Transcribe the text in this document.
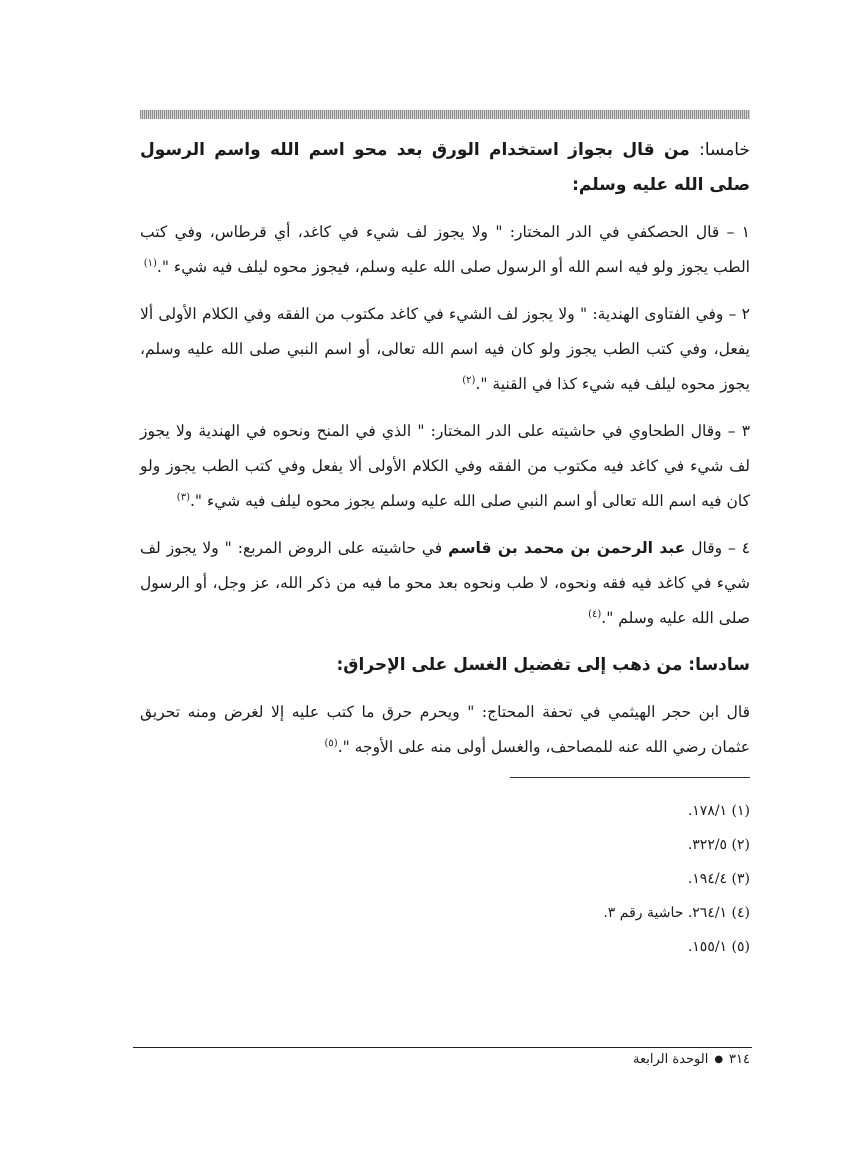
خامسا: من قال بجواز استخدام الورق بعد محو اسم الله واسم الرسول صلى الله عليه وسلم:

١ – قال الحصكفي في الدر المختار: " ولا يجوز لف شيء في كاغد، أي قرطاس، وفي كتب الطب يجوز ولو فيه اسم الله أو الرسول صلى الله عليه وسلم، فيجوز محوه ليلف فيه شيء ".$^{(١)}$

٢ – وفي الفتاوى الهندية: " ولا يجوز لف الشيء في كاغد مكتوب من الفقه وفي الكلام الأولى ألا يفعل، وفي كتب الطب يجوز ولو كان فيه اسم الله تعالى، أو اسم النبي صلى الله عليه وسلم، يجوز محوه ليلف فيه شيء كذا في القنية ".$^{(٢)}$

٣ – وقال الطحاوي في حاشيته على الدر المختار: " الذي في المنح ونحوه في الهندية ولا يجوز لف شيء في كاغد فيه مكتوب من الفقه وفي الكلام الأولى ألا يفعل وفي كتب الطب يجوز ولو كان فيه اسم الله تعالى أو اسم النبي صلى الله عليه وسلم يجوز محوه ليلف فيه شيء ".$^{(٣)}$

٤ – وقال عبد الرحمن بن محمد بن قاسم في حاشيته على الروض المربع: " ولا يجوز لف شيء في كاغد فيه فقه ونحوه، لا طب ونحوه بعد محو ما فيه من ذكر الله، عز وجل، أو الرسول صلى الله عليه وسلم ".$^{(٤)}$

سادسا: من ذهب إلى تفضيل الغسل على الإحراق:

قال ابن حجر الهيثمي في تحفة المحتاج: " ويحرم حرق ما كتب عليه إلا لغرض ومنه تحريق عثمان رضي الله عنه للمصاحف، والغسل أولى منه على الأوجه ".$^{(٥)}$

(١) ١٧٨/١.
(٢) ٣٢٢/٥.
(٣) ١٩٤/٤.
(٤) ٢٦٤/١. حاشية رقم ٣.
(٥) ١٥٥/١.
٣١٤
●
الوحدة الرابعة
